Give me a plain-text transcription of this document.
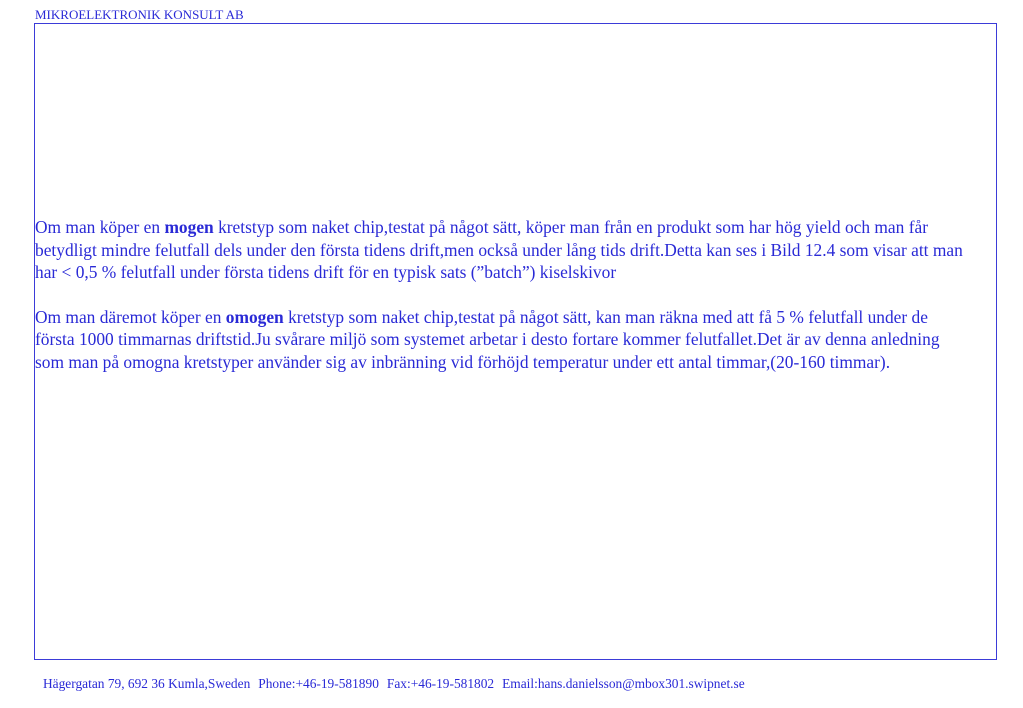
MIKROELEKTRONIK KONSULT AB

Om man köper en mogen kretstyp som naket chip,testat på något sätt, köper man från en produkt som har hög yield och man får betydligt mindre felutfall dels under den första tidens drift,men också under lång tids drift.Detta kan ses i Bild 12.4 som visar att man har < 0,5 % felutfall under första tidens drift för en typisk sats (”batch”) kiselskivor

Om man däremot köper en omogen kretstyp som naket chip,testat på något sätt, kan man räkna med att få 5 % felutfall under de första 1000 timmarnas driftstid.Ju svårare miljö som systemet arbetar i desto fortare kommer felutfallet.Det är av denna anledning som man på omogna kretstyper använder sig av inbränning vid förhöjd temperatur under ett antal timmar,(20-160 timmar).

Hägergatan 79, 692 36 Kumla,Sweden Phone:+46-19-581890 Fax:+46-19-581802 Email:hans.danielsson@mbox301.swipnet.se
